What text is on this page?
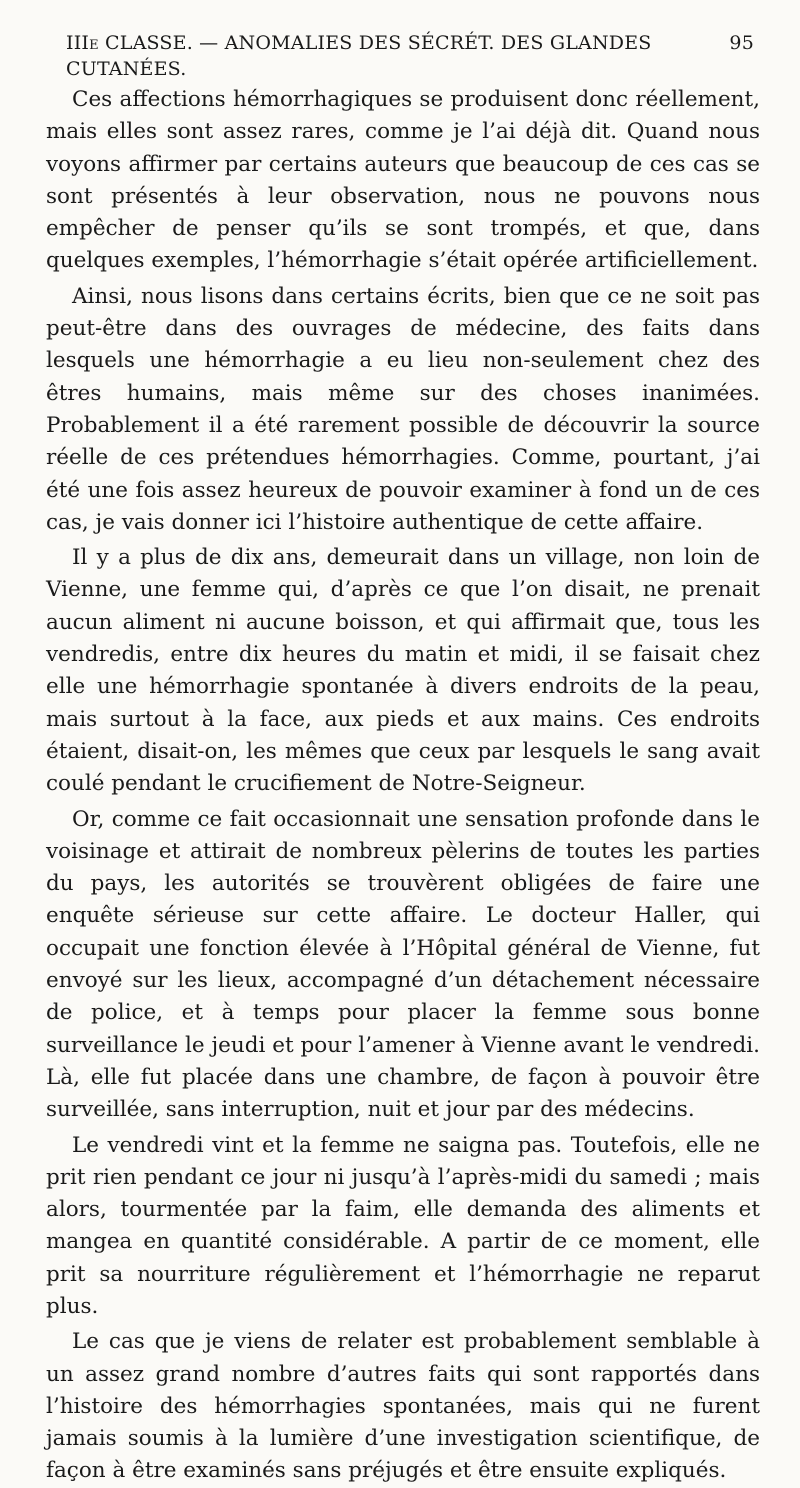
IIIe CLASSE. — ANOMALIES DES SÉCRÉT. DES GLANDES CUTANÉES.
95

Ces affections hémorrhagiques se produisent donc réellement, mais elles sont assez rares, comme je l’ai déjà dit. Quand nous voyons affirmer par certains auteurs que beaucoup de ces cas se sont présentés à leur observation, nous ne pouvons nous empêcher de penser qu’ils se sont trompés, et que, dans quelques exemples, l’hémorrhagie s’était opérée artificiellement.

Ainsi, nous lisons dans certains écrits, bien que ce ne soit pas peut-être dans des ouvrages de médecine, des faits dans lesquels une hémorrhagie a eu lieu non-seulement chez des êtres humains, mais même sur des choses inanimées. Probablement il a été rarement possible de découvrir la source réelle de ces prétendues hémorrhagies. Comme, pourtant, j’ai été une fois assez heureux de pouvoir examiner à fond un de ces cas, je vais donner ici l’histoire authentique de cette affaire.

Il y a plus de dix ans, demeurait dans un village, non loin de Vienne, une femme qui, d’après ce que l’on disait, ne prenait aucun aliment ni aucune boisson, et qui affirmait que, tous les vendredis, entre dix heures du matin et midi, il se faisait chez elle une hémorrhagie spontanée à divers endroits de la peau, mais surtout à la face, aux pieds et aux mains. Ces endroits étaient, disait-on, les mêmes que ceux par lesquels le sang avait coulé pendant le crucifiement de Notre-Seigneur.

Or, comme ce fait occasionnait une sensation profonde dans le voisinage et attirait de nombreux pèlerins de toutes les parties du pays, les autorités se trouvèrent obligées de faire une enquête sérieuse sur cette affaire. Le docteur Haller, qui occupait une fonction élevée à l’Hôpital général de Vienne, fut envoyé sur les lieux, accompagné d’un détachement nécessaire de police, et à temps pour placer la femme sous bonne surveillance le jeudi et pour l’amener à Vienne avant le vendredi. Là, elle fut placée dans une chambre, de façon à pouvoir être surveillée, sans interruption, nuit et jour par des médecins.

Le vendredi vint et la femme ne saigna pas. Toutefois, elle ne prit rien pendant ce jour ni jusqu’à l’après-midi du samedi ; mais alors, tourmentée par la faim, elle demanda des aliments et mangea en quantité considérable. A partir de ce moment, elle prit sa nourriture régulièrement et l’hémorrhagie ne reparut plus.

Le cas que je viens de relater est probablement semblable à un assez grand nombre d’autres faits qui sont rapportés dans l’histoire des hémorrhagies spontanées, mais qui ne furent jamais soumis à la lumière d’une investigation scientifique, de façon à être examinés sans préjugés et être ensuite expliqués.
